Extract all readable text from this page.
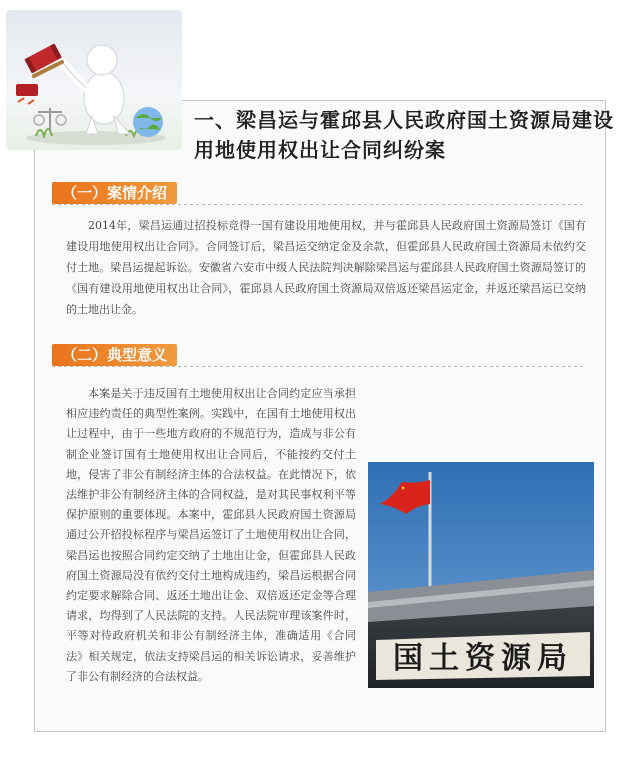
一、梁昌运与霍邱县人民政府国土资源局建设用地使用权出让合同纠纷案
（一）案情介绍

2014年，梁昌运通过招投标竞得一国有建设用地使用权，并与霍邱县人民政府国土资源局签订《国有建设用地使用权出让合同》。合同签订后，梁昌运交纳定金及余款，但霍邱县人民政府国土资源局未依约交付土地。梁昌运提起诉讼。安徽省六安市中级人民法院判决解除梁昌运与霍邱县人民政府国土资源局签订的《国有建设用地使用权出让合同》，霍邱县人民政府国土资源局双倍返还梁昌运定金，并返还梁昌运已交纳的土地出让金。

（二）典型意义

本案是关于违反国有土地使用权出让合同约定应当承担相应违约责任的典型性案例。实践中，在国有土地使用权出让过程中，由于一些地方政府的不规范行为，造成与非公有制企业签订国有土地使用权出让合同后，不能按约交付土地，侵害了非公有制经济主体的合法权益。在此情况下，依法维护非公有制经济主体的合同权益，是对其民事权利平等保护原则的重要体现。本案中，霍邱县人民政府国土资源局通过公开招投标程序与梁昌运签订了土地使用权出让合同，梁昌运也按照合同约定交纳了土地出让金，但霍邱县人民政府国土资源局没有依约交付土地构成违约，梁昌运根据合同约定要求解除合同、返还土地出让金、双倍返还定金等合理请求，均得到了人民法院的支持。人民法院审理该案件时，平等对待政府机关和非公有制经济主体，准确适用《合同法》相关规定，依法支持梁昌运的相关诉讼请求，妥善维护了非公有制经济的合法权益。

国土资源局
